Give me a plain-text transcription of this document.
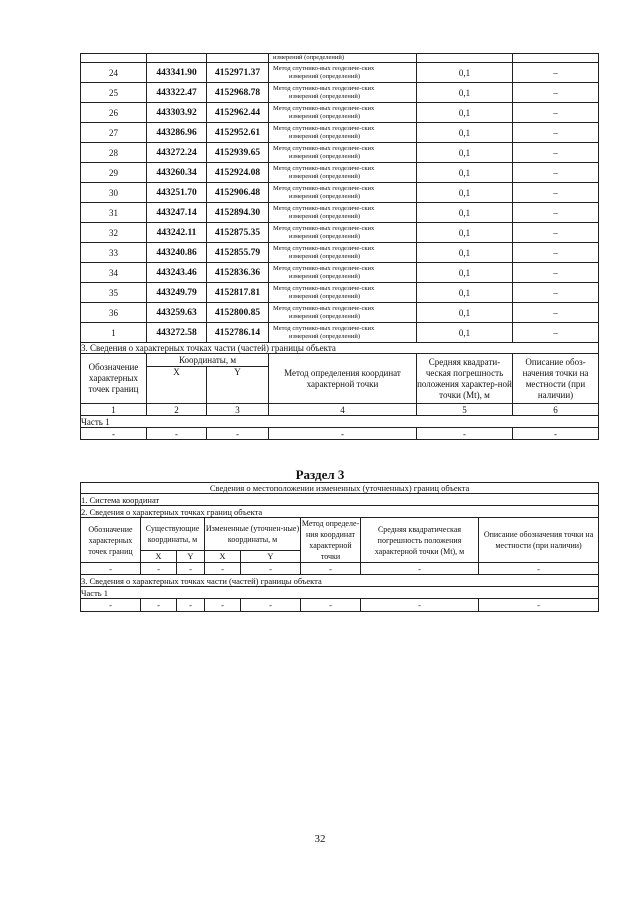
			измерений (определений)		
24	443341.90	4152971.37	Метод спутнико-вых геодезиче-ских
измерений (определений)	0,1	–
25	443322.47	4152968.78	Метод спутнико-вых геодезиче-ских
измерений (определений)	0,1	–
26	443303.92	4152962.44	Метод спутнико-вых геодезиче-ских
измерений (определений)	0,1	–
27	443286.96	4152952.61	Метод спутнико-вых геодезиче-ских
измерений (определений)	0,1	–
28	443272.24	4152939.65	Метод спутнико-вых геодезиче-ских
измерений (определений)	0,1	–
29	443260.34	4152924.08	Метод спутнико-вых геодезиче-ских
измерений (определений)	0,1	–
30	443251.70	4152906.48	Метод спутнико-вых геодезиче-ских
измерений (определений)	0,1	–
31	443247.14	4152894.30	Метод спутнико-вых геодезиче-ских
измерений (определений)	0,1	–
32	443242.11	4152875.35	Метод спутнико-вых геодезиче-ских
измерений (определений)	0,1	–
33	443240.86	4152855.79	Метод спутнико-вых геодезиче-ских
измерений (определений)	0,1	–
34	443243.46	4152836.36	Метод спутнико-вых геодезиче-ских
измерений (определений)	0,1	–
35	443249.79	4152817.81	Метод спутнико-вых геодезиче-ских
измерений (определений)	0,1	–
36	443259.63	4152800.85	Метод спутнико-вых геодезиче-ских
измерений (определений)	0,1	–
1	443272.58	4152786.14	Метод спутнико-вых геодезиче-ских
измерений (определений)	0,1	–
3. Сведения о характерных точках части (частей) границы объекта					
Обозначение характерных точек границ	Координаты, м		Метод определения координат характерной точки	Средняя квадрати-ческая погрешность положения характер-ной точки (Mt), м	Описание обоз-начения точки на местности (при наличии)
	X	Y			
1	2	3	4	5	6
Часть 1					
-	-	-	-	-	-
Раздел 3
Сведения о местоположении измененных (уточненных) границ объекта							
1. Система координат							
2. Сведения о характерных точках границ объекта							
Обозначение характерных точек границ	Существующие координаты, м		Измененные (уточнен-ные) координаты, м		Метод определе-ния координат характерной точки	Средняя квадратическая погрешность положения характерной точки (Mt), м	Описание обозначения точки на местности (при наличии)
	X	Y	X	Y			
-	-	-	-	-	-	-	-
3. Сведения о характерных точках части (частей) границы объекта							
Часть 1							
-	-	-	-	-	-	-	-
32
